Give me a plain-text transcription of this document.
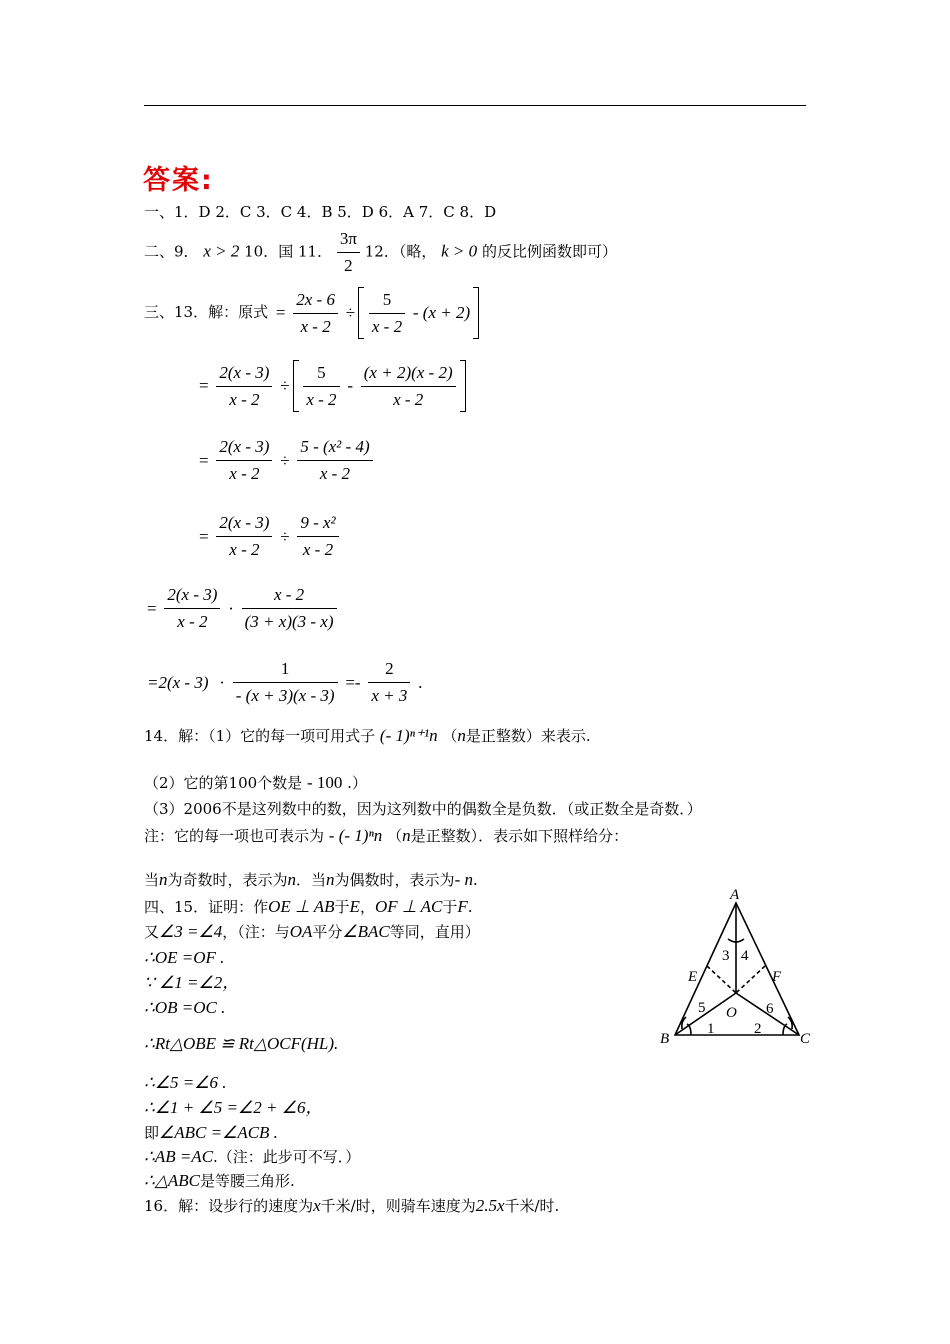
答案:
一、1．D 2．C 3．C 4．B 5．D 6．A 7．C 8．D
二、9． x > 2 10．国 11． $\frac{3\pi}{2} 12$．（略， k > 0 的反比例函数即可）
三、13．解：原式 = $\frac{2x - 6}{x - 2} \div \frac{5}{x - 2} - (x + 2)$
= $\frac{2(x - 3)}{x - 2} \div \frac{5}{x - 2} - \frac{(x + 2)(x - 2)}{x - 2}$

= $\frac{2(x - 3)}{x - 2} \div \frac{\text{5 - (x² - 4)}}{x - 2}$
= $\frac{2(x - 3)}{x - 2} \div \frac{\text{9 - x²}}{x - 2}$
= $\frac{2(x - 3)}{x - 2} \cdot \frac{x - 2}{(3 + x)(3 - x)}$
$=2(x - 3) \cdot \frac{1}{- (x + 3)(x - 3)} =- \frac{2}{x + 3}$ .
14．解：（1）它的每一项可用式子 (- 1)ⁿ⁺¹n （n是正整数）来表示.
（2）它的第100个数是 - 100 .）
（3）2006不是这列数中的数，因为这列数中的偶数全是负数．（或正数全是奇数．）
注：它的每一项也可表示为 - (- 1)ⁿn （n是正整数）．表示如下照样给分：
当n为奇数时，表示为n．当n为偶数时，表示为- n.
四、15．证明：作OE ⊥ AB于E，OF ⊥ AC于F.
又∠3 =∠4，（注：与OA平分∠BAC等同，直用）
∴OE =OF .
∵ ∠1 =∠2，
∴OB =OC .
∴Rt△OBE ≌ Rt△OCF(HL).
∴∠5 =∠6 .
∴∠1 + ∠5 =∠2 + ∠6，
即∠ABC =∠ACB .
∴AB =AC.（注：此步可不写．）
∴△ABC是等腰三角形.
16．解：设步行的速度为x千米/时，则骑车速度为2.5x千米/时.
A
B	C
E	F
O
1	2
3 4
5	6
